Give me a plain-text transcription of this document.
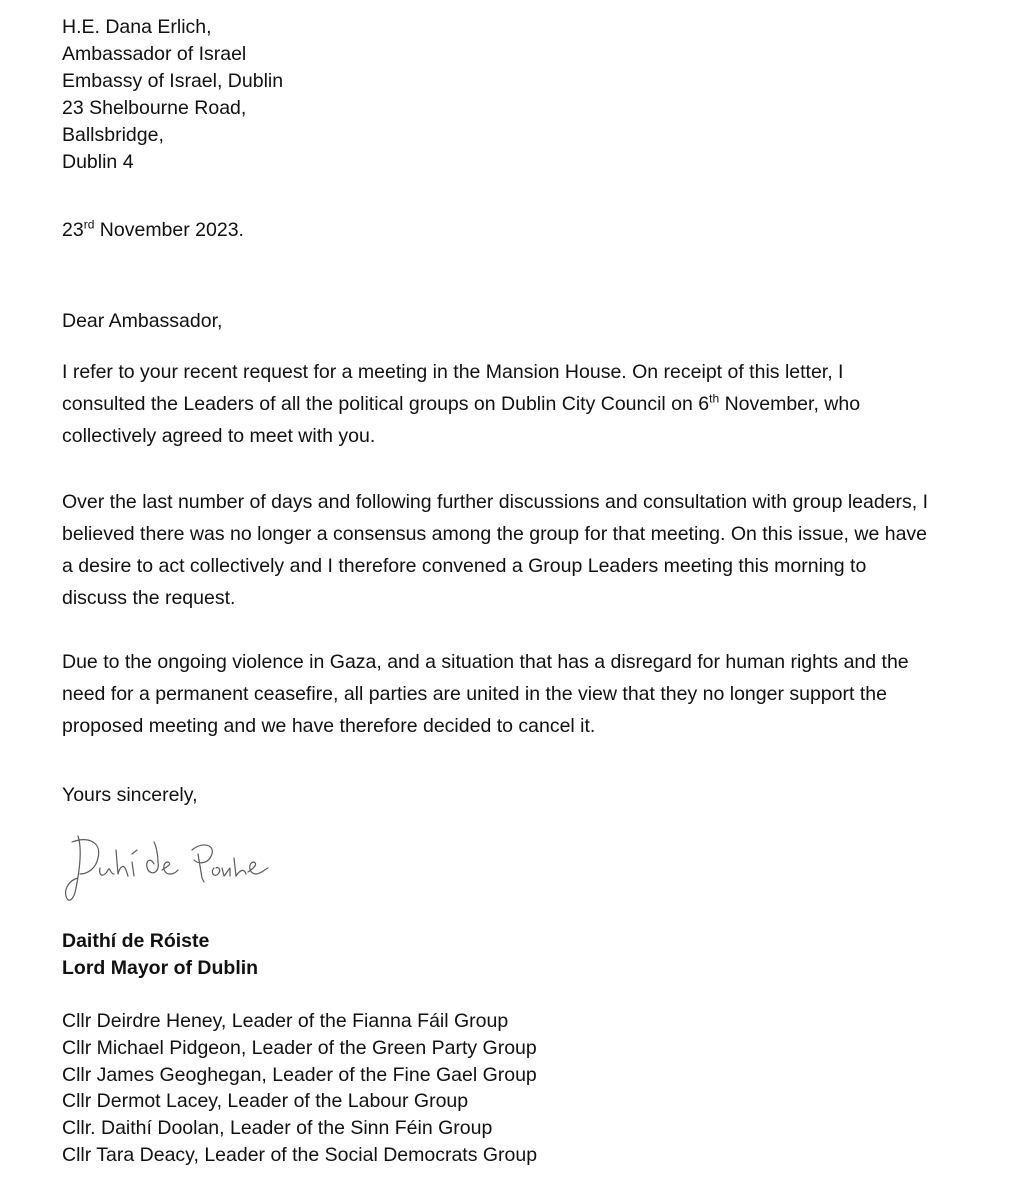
H.E. Dana Erlich,
Ambassador of Israel
Embassy of Israel, Dublin
23 Shelbourne Road,
Ballsbridge,
Dublin 4

23rd November 2023.

Dear Ambassador,

I refer to your recent request for a meeting in the Mansion House. On receipt of this letter, I
consulted the Leaders of all the political groups on Dublin City Council on 6th November, who
collectively agreed to meet with you.
Over the last number of days and following further discussions and consultation with group leaders, I
believed there was no longer a consensus among the group for that meeting. On this issue, we have
a desire to act collectively and I therefore convened a Group Leaders meeting this morning to
discuss the request.
Due to the ongoing violence in Gaza, and a situation that has a disregard for human rights and the
need for a permanent ceasefire, all parties are united in the view that they no longer support the
proposed meeting and we have therefore decided to cancel it.

Yours sincerely,

Daithí de Róiste
Lord Mayor of Dublin
Cllr Deirdre Heney, Leader of the Fianna Fáil Group
Cllr Michael Pidgeon, Leader of the Green Party Group
Cllr James Geoghegan, Leader of the Fine Gael Group
Cllr Dermot Lacey, Leader of the Labour Group
Cllr. Daithí Doolan, Leader of the Sinn Féin Group
Cllr Tara Deacy, Leader of the Social Democrats Group
